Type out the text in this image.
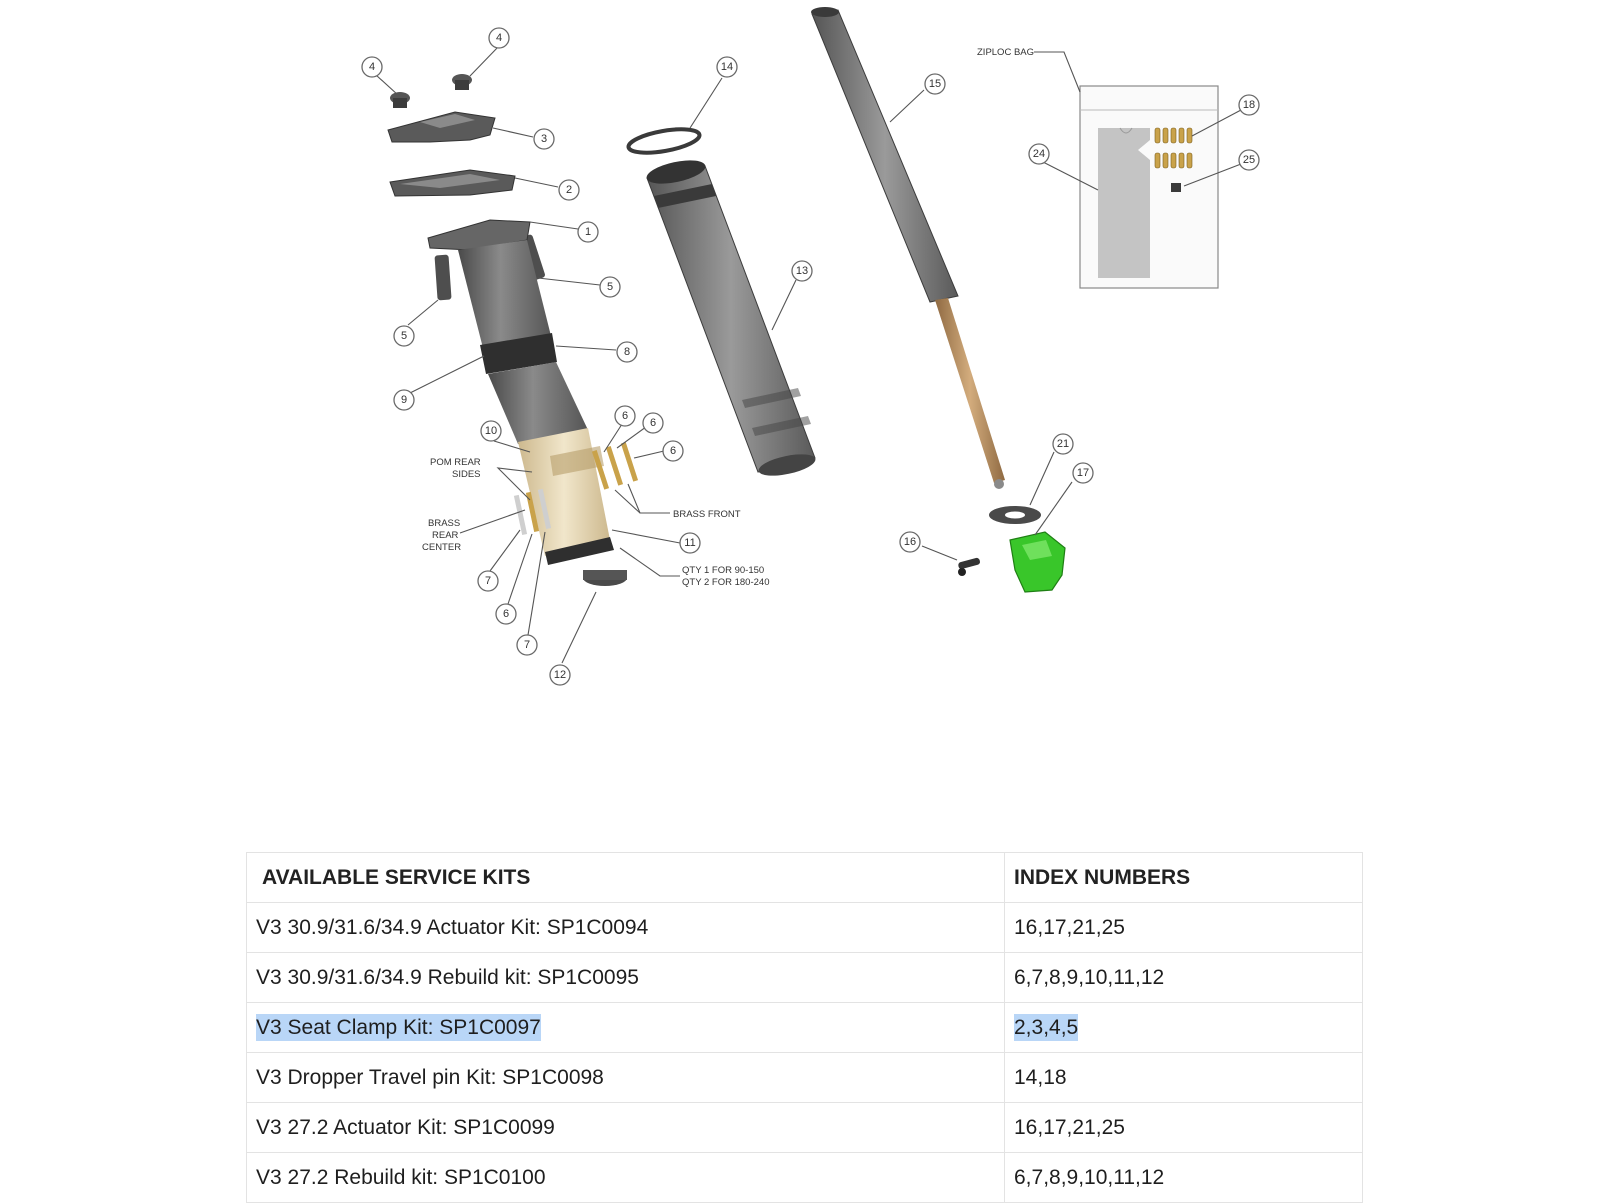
4
4
3
2
1
5
5
8
9
10
6
6
6
11
7
6
7
12
14
13
15
24
18
25
21
17
16
ZIPLOC BAG
POM REAR
SIDES
BRASS
REAR
CENTER
BRASS FRONT
QTY 1 FOR 90-150
QTY 2 FOR 180-240
AVAILABLE SERVICE KITS	INDEX NUMBERS
V3 30.9/31.6/34.9 Actuator Kit: SP1C0094	16,17,21,25
V3 30.9/31.6/34.9 Rebuild kit: SP1C0095	6,7,8,9,10,11,12
V3 Seat Clamp Kit: SP1C0097	2,3,4,5
V3 Dropper Travel pin Kit: SP1C0098	14,18
V3 27.2 Actuator Kit: SP1C0099	16,17,21,25
V3 27.2 Rebuild kit: SP1C0100	6,7,8,9,10,11,12
